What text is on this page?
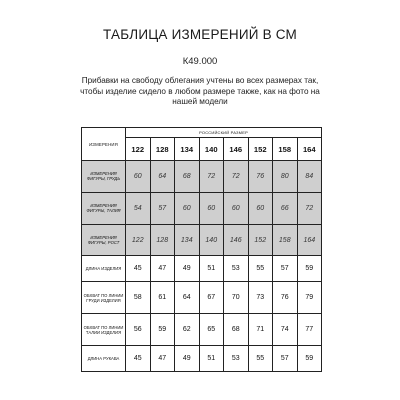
ТАБЛИЦА ИЗМЕРЕНИЙ В СМ
К49.000
Прибавки на свободу облегания учтены во всех размерах так, чтобы изделие сидело в любом размере также, как на фото на нашей модели
ИЗМЕРЕНИЯ	РОССИЙСКИЙ РАЗМЕР							
	122	128	134	140	146	152	158	164
ИЗМЕРЕНИЯ ФИГУРЫ, ГРУДЬ	60	64	68	72	72	76	80	84
ИЗМЕРЕНИЯ ФИГУРЫ, ТАЛИЯ	54	57	60	60	60	60	66	72
ИЗМЕРЕНИЯ ФИГУРЫ, РОСТ	122	128	134	140	146	152	158	164
ДЛИНА ИЗДЕЛИЯ	45	47	49	51	53	55	57	59
ОБХВАТ ПО ЛИНИИ ГРУДИ ИЗДЕЛИЯ	58	61	64	67	70	73	76	79
ОБХВАТ ПО ЛИНИИ ТАЛИИ ИЗДЕЛИЯ	56	59	62	65	68	71	74	77
ДЛИНА РУКАВА	45	47	49	51	53	55	57	59
